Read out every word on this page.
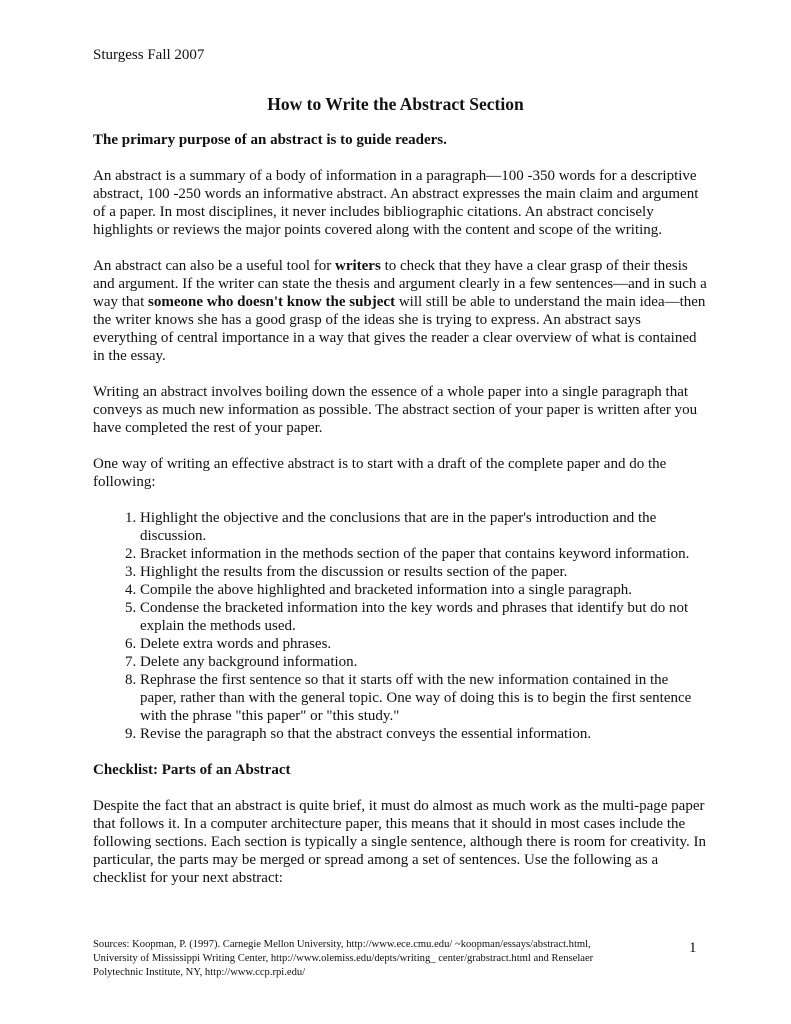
Sturgess Fall 2007
How to Write the Abstract Section

The primary purpose of an abstract is to guide readers.

An abstract is a summary of a body of information in a paragraph—100 -350 words for a descriptive abstract, 100 -250 words an informative abstract. An abstract expresses the main claim and argument of a paper. In most disciplines, it never includes bibliographic citations. An abstract concisely highlights or reviews the major points covered along with the content and scope of the writing.

An abstract can also be a useful tool for writers to check that they have a clear grasp of their thesis and argument. If the writer can state the thesis and argument clearly in a few sentences—and in such a way that someone who doesn't know the subject will still be able to understand the main idea—then the writer knows she has a good grasp of the ideas she is trying to express. An abstract says everything of central importance in a way that gives the reader a clear overview of what is contained in the essay.

Writing an abstract involves boiling down the essence of a whole paper into a single paragraph that conveys as much new information as possible. The abstract section of your paper is written after you have completed the rest of your paper.

One way of writing an effective abstract is to start with a draft of the complete paper and do the following:

1. Highlight the objective and the conclusions that are in the paper's introduction and the discussion.
2. Bracket information in the methods section of the paper that contains keyword information.
3. Highlight the results from the discussion or results section of the paper.
4. Compile the above highlighted and bracketed information into a single paragraph.
5. Condense the bracketed information into the key words and phrases that identify but do not explain the methods used.
6. Delete extra words and phrases.
7. Delete any background information.
8. Rephrase the first sentence so that it starts off with the new information contained in the paper, rather than with the general topic. One way of doing this is to begin the first sentence with the phrase "this paper" or "this study."
9. Revise the paragraph so that the abstract conveys the essential information.

Checklist: Parts of an Abstract

Despite the fact that an abstract is quite brief, it must do almost as much work as the multi-page paper that follows it. In a computer architecture paper, this means that it should in most cases include the following sections. Each section is typically a single sentence, although there is room for creativity. In particular, the parts may be merged or spread among a set of sentences. Use the following as a checklist for your next abstract:

Sources: Koopman, P. (1997). Carnegie Mellon University, http://www.ece.cmu.edu/ ~koopman/essays/abstract.html,
University of Mississippi Writing Center, http://www.olemiss.edu/depts/writing_ center/grabstract.html and Renselaer
Polytechnic Institute, NY, http://www.ccp.rpi.edu/
1
